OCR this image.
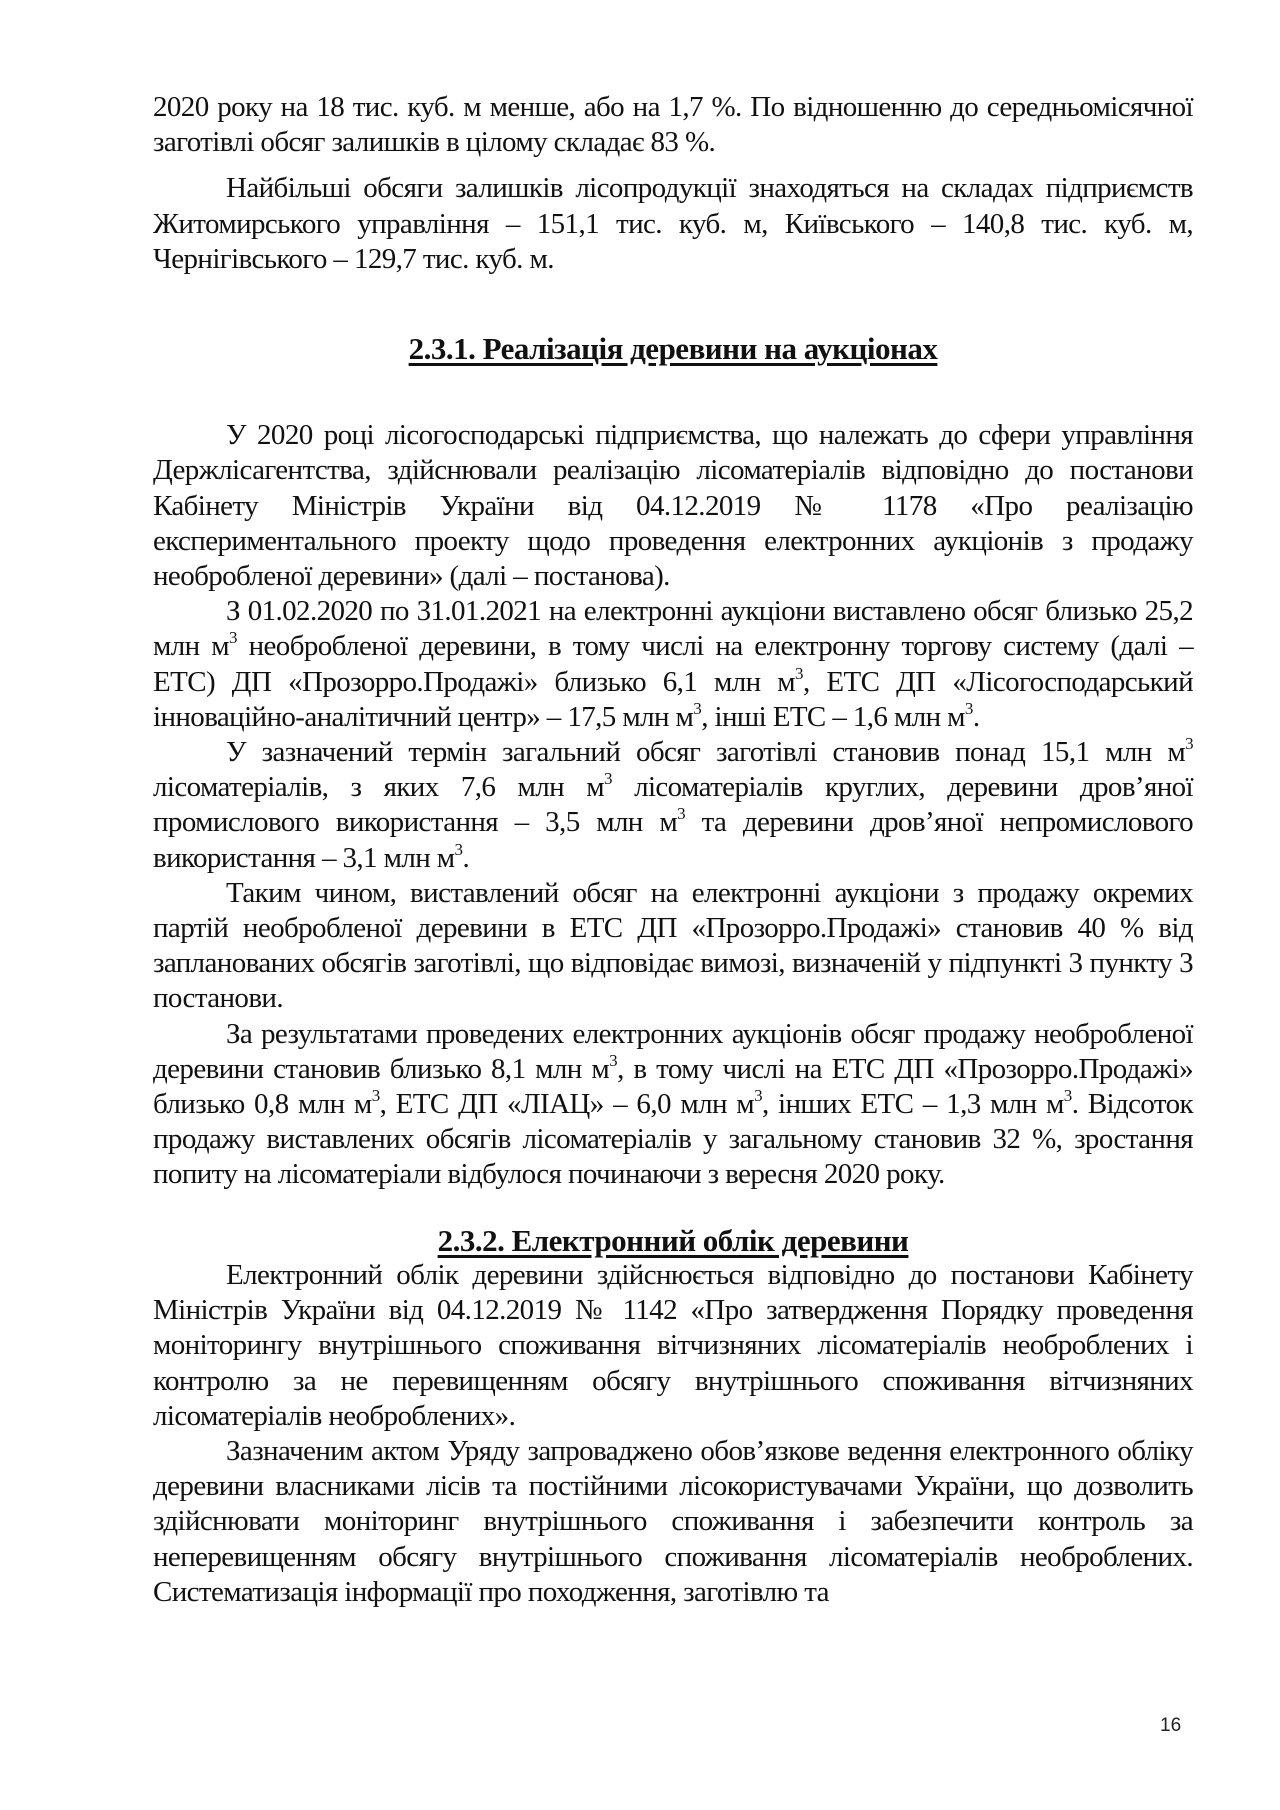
2020 року на 18 тис. куб. м менше, або на 1,7 %. По відношенню до середньомісячної заготівлі обсяг залишків в цілому складає 83 %.

Найбільші обсяги залишків лісопродукції знаходяться на складах підприємств Житомирського управління – 151,1 тис. куб. м, Київського – 140,8 тис. куб. м, Чернігівського – 129,7 тис. куб. м.

2.3.1. Реалізація деревини на аукціонах

У 2020 році лісогосподарські підприємства, що належать до сфери управління Держлісагентства, здійснювали реалізацію лісоматеріалів відповідно до постанови Кабінету Міністрів України від 04.12.2019 № 1178 «Про реалізацію експериментального проекту щодо проведення електронних аукціонів з продажу необробленої деревини» (далі – постанова).

З 01.02.2020 по 31.01.2021 на електронні аукціони виставлено обсяг близько 25,2 млн $м^3$ необробленої деревини, в тому числі на електронну торгову систему (далі – ЕТС) ДП «Прозорро.Продажі» близько 6,1 млн $м^3$, ЕТС ДП «Лісогосподарський інноваційно-аналітичний центр» – 17,5 млн $м^3$, інші ЕТС – 1,6 млн $м^3$.

У зазначений термін загальний обсяг заготівлі становив понад 15,1 млн $м^3$ лісоматеріалів, з яких 7,6 млн $м^3$ лісоматеріалів круглих, деревини дров’яної промислового використання – 3,5 млн $м^3$ та деревини дров’яної непромислового використання – 3,1 млн $м^3$.

Таким чином, виставлений обсяг на електронні аукціони з продажу окремих партій необробленої деревини в ЕТС ДП «Прозорро.Продажі» становив 40 % від запланованих обсягів заготівлі, що відповідає вимозі, визначеній у підпункті 3 пункту 3 постанови.

За результатами проведених електронних аукціонів обсяг продажу необробленої деревини становив близько 8,1 млн $м^3$, в тому числі на ЕТС ДП «Прозорро.Продажі» близько 0,8 млн $м^3$, ЕТС ДП «ЛІАЦ» – 6,0 млн $м^3$, інших ЕТС – 1,3 млн $м^3$. Відсоток продажу виставлених обсягів лісоматеріалів у загальному становив 32 %, зростання попиту на лісоматеріали відбулося починаючи з вересня 2020 року.

2.3.2. Електронний облік деревини

Електронний облік деревини здійснюється відповідно до постанови Кабінету Міністрів України від 04.12.2019 № 1142 «Про затвердження Порядку проведення моніторингу внутрішнього споживання вітчизняних лісоматеріалів необроблених і контролю за не перевищенням обсягу внутрішнього споживання вітчизняних лісоматеріалів необроблених».

Зазначеним актом Уряду запроваджено обов’язкове ведення електронного обліку деревини власниками лісів та постійними лісокористувачами України, що дозволить здійснювати моніторинг внутрішнього споживання і забезпечити контроль за неперевищенням обсягу внутрішнього споживання лісоматеріалів необроблених. Систематизація інформації про походження, заготівлю та

16
